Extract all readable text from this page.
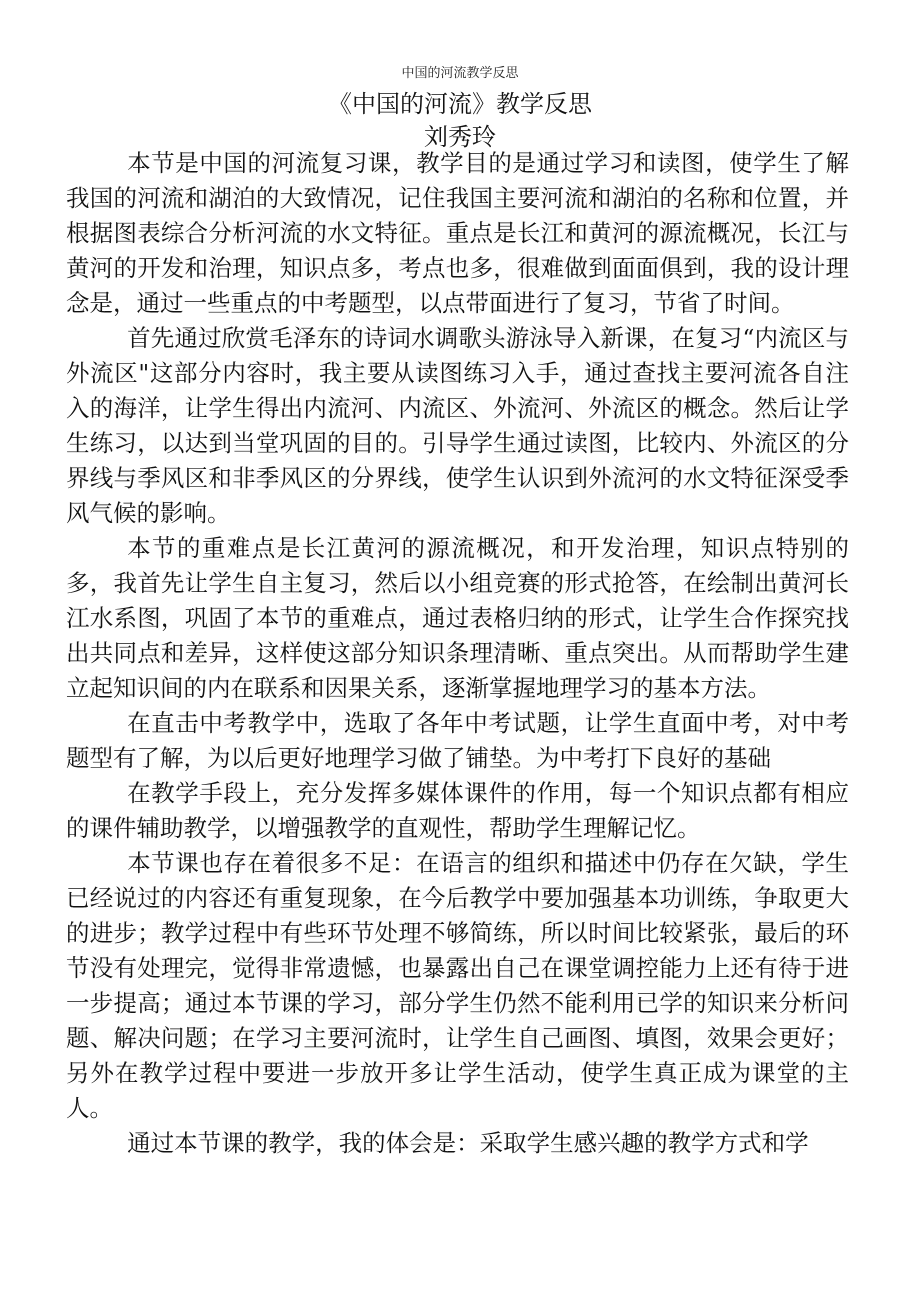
中国的河流教学反思
《中国的河流》教学反思
刘秀玲

本节是中国的河流复习课，教学目的是通过学习和读图，使学生了解我国的河流和湖泊的大致情况，记住我国主要河流和湖泊的名称和位置，并根据图表综合分析河流的水文特征。重点是长江和黄河的源流概况，长江与黄河的开发和治理，知识点多，考点也多，很难做到面面俱到，我的设计理念是，通过一些重点的中考题型，以点带面进行了复习，节省了时间。

首先通过欣赏毛泽东的诗词水调歌头游泳导入新课，在复习“内流区与外流区"这部分内容时，我主要从读图练习入手，通过查找主要河流各自注入的海洋，让学生得出内流河、内流区、外流河、外流区的概念。然后让学生练习，以达到当堂巩固的目的。引导学生通过读图，比较内、外流区的分界线与季风区和非季风区的分界线，使学生认识到外流河的水文特征深受季风气候的影响。

本节的重难点是长江黄河的源流概况，和开发治理，知识点特别的多，我首先让学生自主复习，然后以小组竞赛的形式抢答，在绘制出黄河长江水系图，巩固了本节的重难点，通过表格归纳的形式，让学生合作探究找出共同点和差异，这样使这部分知识条理清晰、重点突出。从而帮助学生建立起知识间的内在联系和因果关系，逐渐掌握地理学习的基本方法。

在直击中考教学中，选取了各年中考试题，让学生直面中考，对中考题型有了解，为以后更好地理学习做了铺垫。为中考打下良好的基础

在教学手段上，充分发挥多媒体课件的作用，每一个知识点都有相应的课件辅助教学，以增强教学的直观性，帮助学生理解记忆。

本节课也存在着很多不足：在语言的组织和描述中仍存在欠缺，学生已经说过的内容还有重复现象，在今后教学中要加强基本功训练，争取更大的进步；教学过程中有些环节处理不够简练，所以时间比较紧张，最后的环节没有处理完，觉得非常遗憾，也暴露出自己在课堂调控能力上还有待于进一步提高；通过本节课的学习，部分学生仍然不能利用已学的知识来分析问题、解决问题；在学习主要河流时，让学生自己画图、填图，效果会更好；另外在教学过程中要进一步放开多让学生活动，使学生真正成为课堂的主人。

通过本节课的教学，我的体会是：采取学生感兴趣的教学方式和学
